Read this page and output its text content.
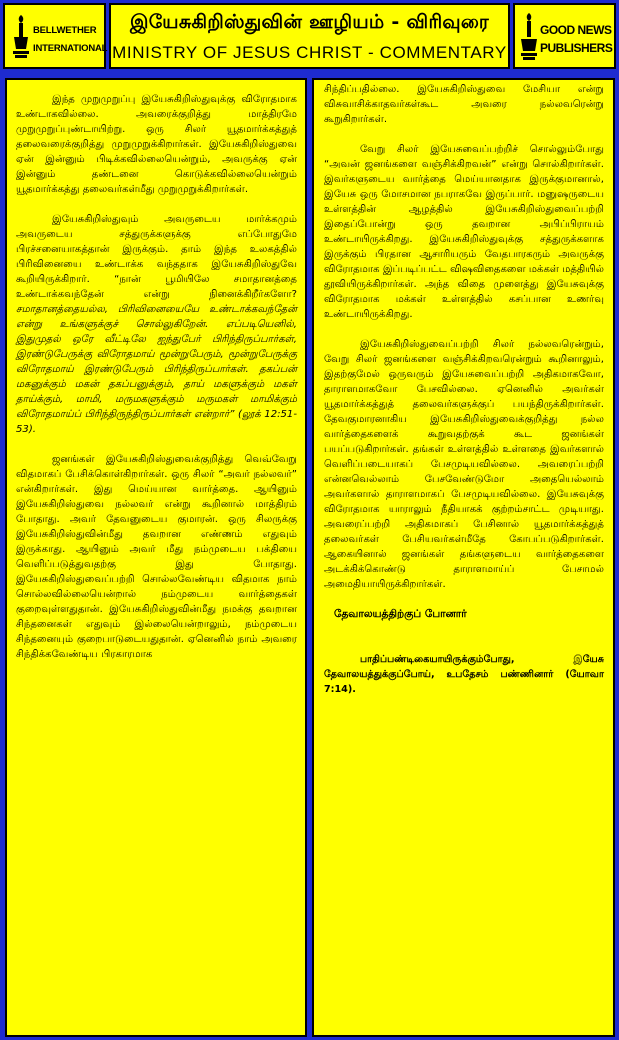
BELLWETHER
INTERNATIONAL
இயேசுகிறிஸ்துவின் ஊழியம் - விரிவுரை
MINISTRY OF JESUS CHRIST - COMMENTARY
GOOD NEWS
PUBLISHERS

இந்த முறுமுறுப்பு இயேசுகிறிஸ்துவுக்கு விரோதமாக உண்டாகவில்லை. அவரைக்குறித்து மாத்திரமே முறுமுறுப்புண்டாயிற்று. ஒரு சிலர் யூதமார்க்கத்துத் தலைவரைக்குறித்து முறுமுறுக்கிறார்கள். இயேசுகிறிஸ்துவை ஏன் இன்னும் பிடிக்கவில்லையென்றும், அவருக்கு ஏன் இன்னும் தண்டனை கொடுக்கவில்லையென்றும் யூதமார்க்கத்து தலைவர்கள்மீது முறுமுறுக்கிறார்கள்.

இயேசுகிறிஸ்துவும் அவருடைய மார்க்கமும் அவருடைய சத்துருக்களுக்கு எப்போதுமே பிரச்சனையாகத்தான் இருக்கும். தாம் இந்த உலகத்தில் பிரிவினையை உண்டாக்க வந்ததாக இயேசுகிறிஸ்துவே கூறியிருக்கிறார். “நான் பூமியிலே சமாதானத்தை உண்டாக்கவந்தேன் என்று நினைக்கிறீர்களோ? சமாதானத்தையல்ல, பிரிவினையையே உண்டாக்கவந்தேன் என்று உங்களுக்குச் சொல்லுகிறேன். எப்படியெனில், இதுமுதல் ஒரே வீட்டிலே ஐந்துபேர் பிரிந்திருப்பார்கள், இரண்டுபேருக்கு விரோதமாய் மூன்றுபேரும், மூன்றுபேருக்கு விரோதமாய் இரண்டுபேரும் பிரிந்திருப்பார்கள். தகப்பன் மகனுக்கும் மகன் தகப்பனுக்கும், தாய் மகளுக்கும் மகள் தாய்க்கும், மாமி, மருமகளுக்கும் மருமகள் மாமிக்கும் விரோதமாய்ப் பிரிந்திருந்திருப்பார்கள் என்றார்” (லூக் 12:51-53).

ஜனங்கள் இயேசுகிறிஸ்துவைக்குறித்து வெவ்வேறு விதமாகப் பேசிக்கொள்கிறார்கள். ஒரு சிலர் “அவர் நல்லவர்” என்கிறார்கள். இது மெய்யான வார்த்தை. ஆயினும் இயேசுகிறிஸ்துவை நல்லவர் என்று கூறினால் மாத்திரம் போதாது. அவர் தேவனுடைய குமாரன். ஒரு சிலருக்கு இயேசுகிறிஸ்துவின்மீது தவறான எண்ணம் எதுவும் இருக்காது. ஆயினும் அவர் மீது நம்முடைய பக்தியை வெளிப்படுத்துவதற்கு இது போதாது. இயேசுகிறிஸ்துவைப்பற்றி சொல்லவேண்டிய விதமாக நாம் சொல்லவில்லையென்றால் நம்முடைய வார்த்தைகள் குறைவுள்ளதுதான். இயேசுகிறிஸ்துவின்மீது நமக்கு தவறான சிந்தனைகள் எதுவும் இல்லையென்றாலும், நம்முடைய சிந்தனையும் குறைபாடுடையதுதான். ஏனெனில் நாம் அவரை சிந்திக்கவேண்டிய பிரகாரமாக

சிந்திப்பதில்லை. இயேசுகிறிஸ்துவை மேசியா என்று விசுவாசிக்காதவர்கள்கூட அவரை நல்லவரென்று கூறுகிறார்கள்.

வேறு சிலர் இயேசுவைப்பற்றிச் சொல்லும்போது “அவன் ஜனங்களை வஞ்சிக்கிறவன்” என்று சொல்கிறார்கள். இவர்களுடைய வார்த்தை மெய்யானதாக இருக்குமானால், இயேசு ஒரு மோசமான நபராகவே இருப்பார். மனுஷருடைய உள்ளத்தின் ஆழத்தில் இயேசுகிறிஸ்துவைப்பற்றி இதைப்போன்று ஒரு தவறான அபிப்பிராயம் உண்டாயிருக்கிறது. இயேசுகிறிஸ்துவுக்கு சத்துருக்களாக இருக்கும் பிரதான ஆசாரியரும் வேதபாரகரும் அவருக்கு விரோதமாக இப்படிப்பட்ட விஷவிதைகளை மக்கள் மத்தியில் தூவியிருக்கிறார்கள். அந்த விதை முளைத்து இயேசுவுக்கு விரோதமாக மக்கள் உள்ளத்தில் கசப்பான உணர்வு உண்டாயிருக்கிறது.

இயேசுகிறிஸ்துவைப்பற்றி சிலர் நல்லவரென்றும், வேறு சிலர் ஜனங்களை வஞ்சிக்கிறவரென்றும் கூறினாலும், இதற்குமேல் ஒருவரும் இயேசுவைப்பற்றி அதிகமாகவோ, தாராளமாகவோ பேசவில்லை. ஏனெனில் அவர்கள் யூதமார்க்கத்துத் தலைவர்களுக்குப் பயந்திருக்கிறார்கள். தேவகுமாரனாகிய இயேசுகிறிஸ்துவைக்குறித்து நல்ல வார்த்தைகளைக் கூறுவதற்குக் கூட ஜனங்கள் பயப்படுகிறார்கள். தங்கள் உள்ளத்தில் உள்ளதை இவர்களால் வெளிப்படையாகப் பேசமுடியவில்லை. அவரைப்பற்றி என்னவெல்லாம் பேசவேண்டுமோ அதையெல்லாம் அவர்களால் தாராளமாகப் பேசமுடியவில்லை. இயேசுவுக்கு விரோதமாக யாராலும் நீதியாகக் குற்றம்சாட்ட முடியாது. அவரைப்பற்றி அதிகமாகப் பேசினால் யூதமார்க்கத்துத் தலைவர்கள் பேசியவர்கள்மீதே கோபப்படுகிறார்கள். ஆகையினால் ஜனங்கள் தங்களுடைய வார்த்தைகளை அடக்கிக்கொண்டு தாராளமாய்ப் பேசாமல் அமைதியாயிருக்கிறார்கள்.

தேவாலயத்திற்குப் போனார்

பாதிப்பண்டிகையாயிருக்கும்போது, இயேசு தேவாலயத்துக்குப்போய், உபதேசம் பண்ணினார் (யோவா 7:14).
